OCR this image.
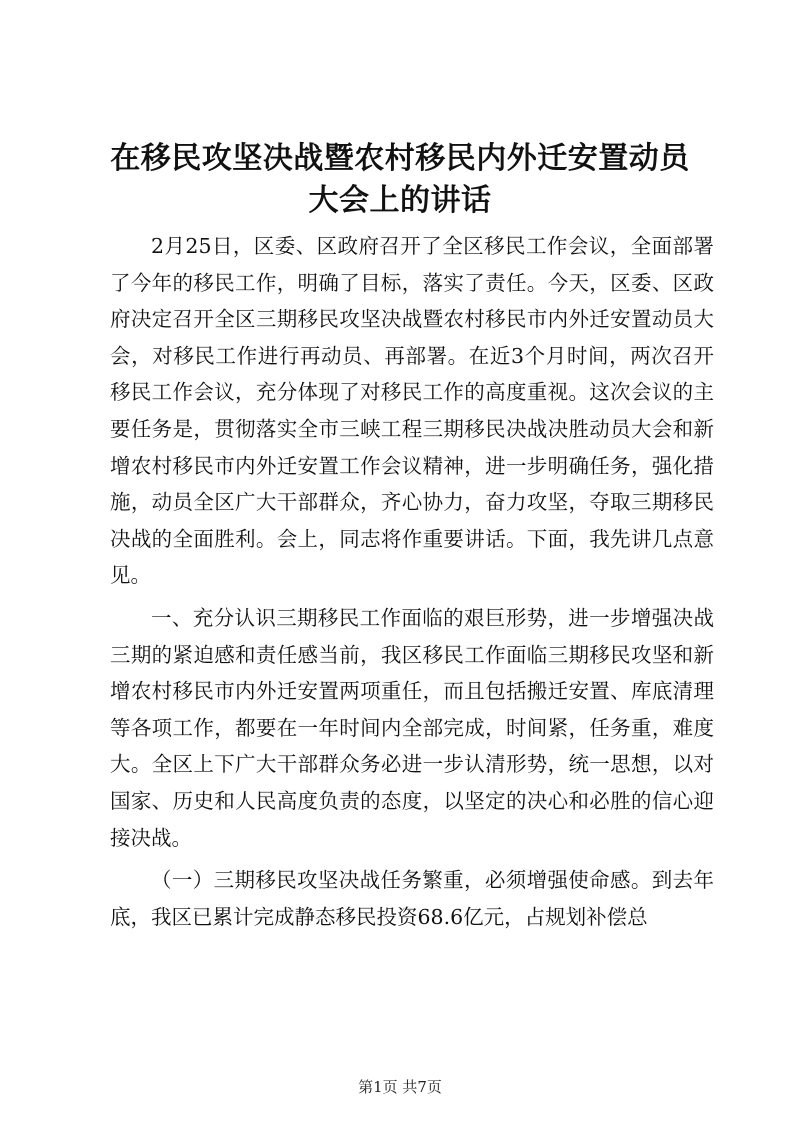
在移民攻坚决战暨农村移民内外迁安置动员大会上的讲话

2月25日，区委、区政府召开了全区移民工作会议，全面部署了今年的移民工作，明确了目标，落实了责任。今天，区委、区政府决定召开全区三期移民攻坚决战暨农村移民市内外迁安置动员大会，对移民工作进行再动员、再部署。在近3个月时间，两次召开移民工作会议，充分体现了对移民工作的高度重视。这次会议的主要任务是，贯彻落实全市三峡工程三期移民决战决胜动员大会和新增农村移民市内外迁安置工作会议精神，进一步明确任务，强化措施，动员全区广大干部群众，齐心协力，奋力攻坚，夺取三期移民决战的全面胜利。会上，同志将作重要讲话。下面，我先讲几点意见。

一、充分认识三期移民工作面临的艰巨形势，进一步增强决战三期的紧迫感和责任感当前，我区移民工作面临三期移民攻坚和新增农村移民市内外迁安置两项重任，而且包括搬迁安置、库底清理等各项工作，都要在一年时间内全部完成，时间紧，任务重，难度大。全区上下广大干部群众务必进一步认清形势，统一思想，以对国家、历史和人民高度负责的态度，以坚定的决心和必胜的信心迎接决战。

（一）三期移民攻坚决战任务繁重，必须增强使命感。到去年底，我区已累计完成静态移民投资68.6亿元，占规划补偿总

第1页 共7页
